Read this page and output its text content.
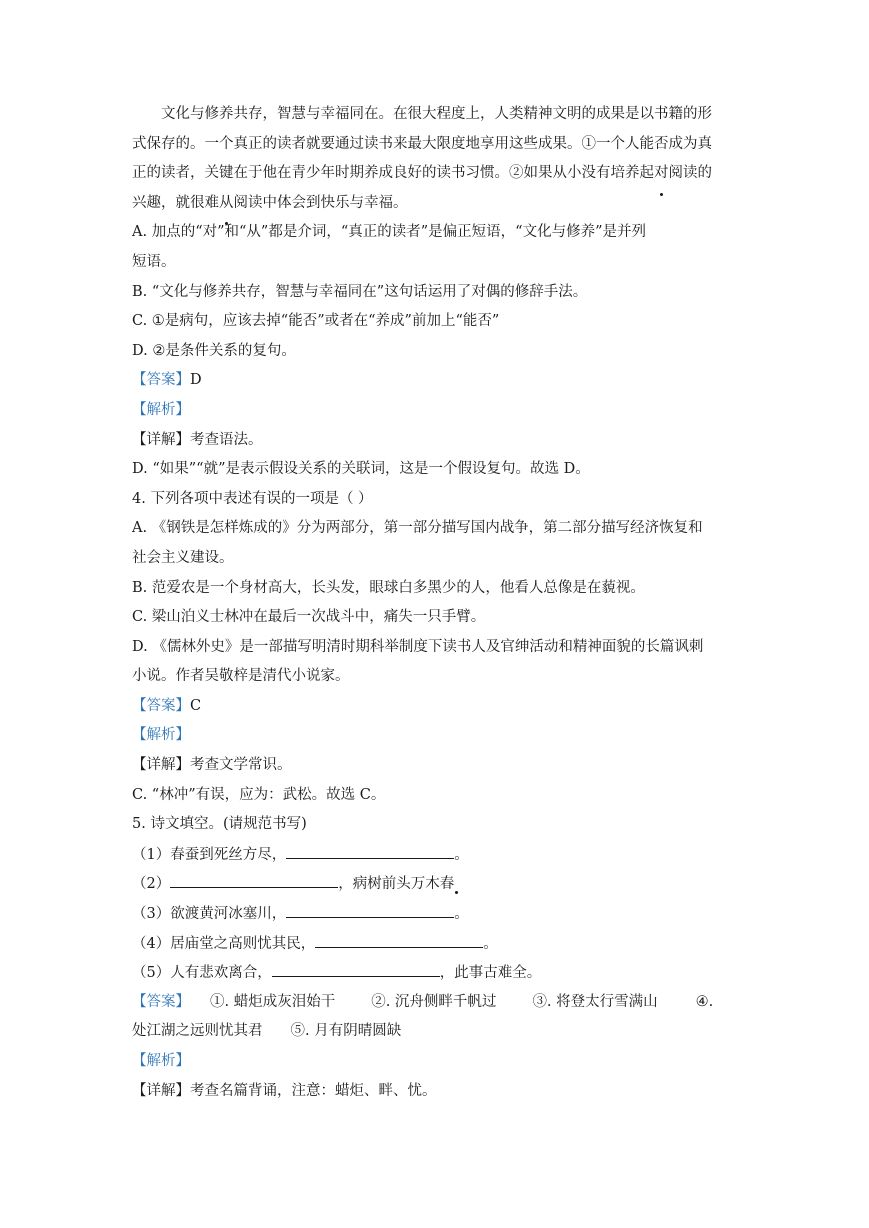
文化与修养共存，智慧与幸福同在。在很大程度上，人类精神文明的成果是以书籍的形
式保存的。一个真正的读者就要通过读书来最大限度地享用这些成果。①一个人能否成为真
正的读者，关键在于他在青少年时期养成良好的读书习惯。②如果从小没有培养起对
阅读的
兴趣，就很难从
阅读中体会到快乐与幸福。
A. 加点的“对”和“从”都是介词，“真正的读者”是偏正短语，“文化与修养”是并列
短语。
B. “文化与修养共存，智慧与幸福同在”这句话运用了对偶的修辞手法。
C. ①是病句，应该去掉“能否”或者在“养成”前加上“能否”
D. ②是条件关系的复句。
【答案】D
【解析】
【详解】考查语法。
D. “如果”“就”是表示假设关系的关联词，这是一个假设复句。故选 D。
4. 下列各项中表述有误的一项是（ ）
A. 《钢铁是怎样炼成的》分为两部分，第一部分描写国内战争，第二部分描写经济恢复和
社会主义建设。
B. 范爱农是一个身材高大，长头发，眼球白多黑少的人，他看人总像是在藐视。
C. 梁山泊义士林冲在最后一次战斗中，痛失一只手臂。
D. 《儒林外史》是一部描写明清时期科举制度下读书人及官绅活动和精神面貌的长篇讽刺
小说。作者吴敬梓是清代小说家。
【答案】C
【解析】
【详解】考查文学常识。
C. “林冲”有误，应为：武松。故选 C。
5. 诗文填空。(请规范书写)
（1）春蚕到死丝方尽，	。
（2）	，病树前头万木春
（3）欲渡黄河冰塞川，	。
（4）居庙堂之高则忧其民，	。
（5）人有悲欢离合，	，此事古难全。
【答案】 ①. 蜡炬成灰泪始干 ②. 沉舟侧畔千帆过 ③. 将登太行雪满山	④.
处江湖之远则忧其君 ⑤. 月有阴晴圆缺
【解析】
【详解】考查名篇背诵，注意：蜡炬、畔、忧。
